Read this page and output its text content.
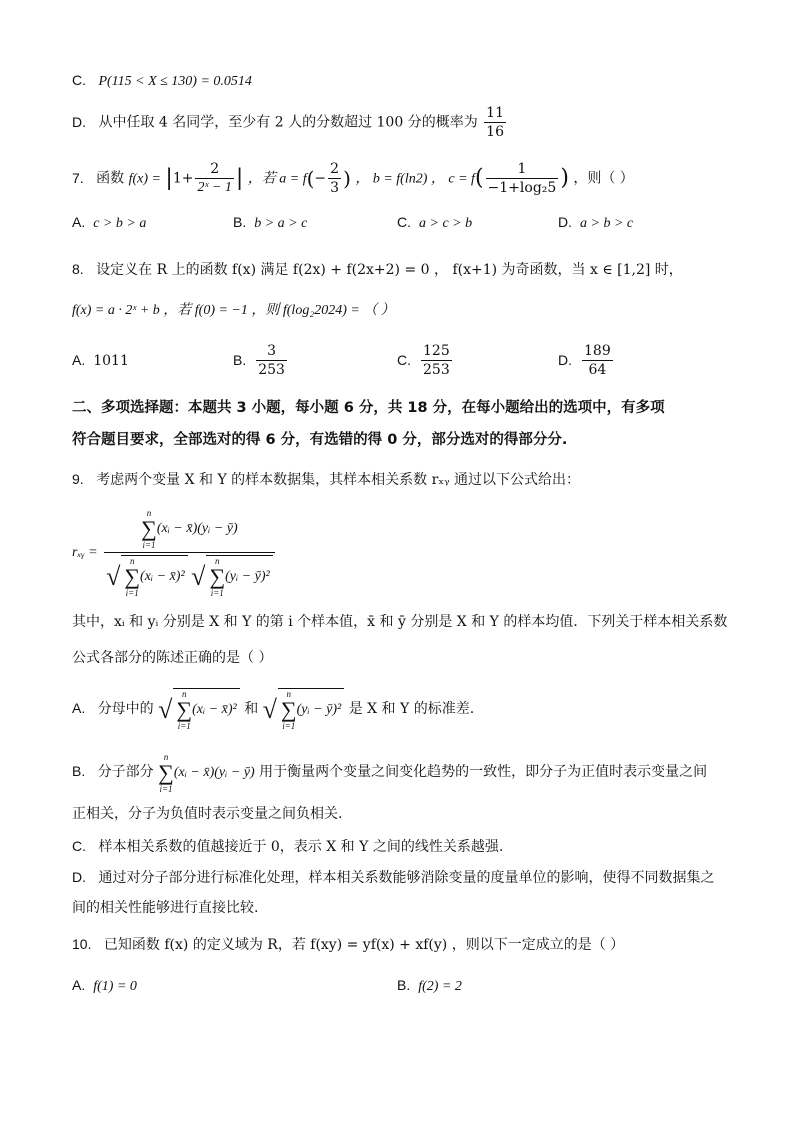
C. P(115 < X ≤ 130) = 0.0514
D. 从中任取 4 名同学，至少有 2 人的分数超过 100 分的概率为 $\frac{11}{16}$
7. 函数 $f(x) = |1+ \frac{2}{\text{2ˣ − 1}}$ | ，若 $a = f(- \frac{2}{3}$ ) ， b = f(ln2) ， $c = f( \frac{1}{\text{−1+log₂5}}$ ) ，则（ ）
A. c > b > a	B. b > a > c	C. a > c > b	D. a > b > c
8. 设定义在 R 上的函数 f(x) 满足 f(2x) + f(2x+2) = 0 ， f(x+1) 为奇函数，当 x ∈ [1,2] 时，
f(x) = a · 2ˣ + b ，若 f(0) = −1 ，则 f(log₂2024) = （ ）
A. 1011	B. $\frac{3}{253}$	C. $\frac{125}{253}$	D. $\frac{189}{64}$
二、多项选择题：本题共 3 小题，每小题 6 分，共 18 分，在每小题给出的选项中，有多项
符合题目要求，全部选对的得 6 分，有选错的得 0 分，部分选对的得部分分.
9. 考虑两个变量 X 和 Y 的样本数据集，其样本相关系数 rₓᵧ 通过以下公式给出：
rₓᵧ = n
∑
i=1(xᵢ − x̄)(yᵢ − ȳ)
√n
∑
i=1(xᵢ − x̄)² √n
∑
i=1(yᵢ − ȳ)²
其中，xᵢ 和 yᵢ 分别是 X 和 Y 的第 i 个样本值，x̄ 和 ȳ 分别是 X 和 Y 的样本均值．下列关于样本相关系数
公式各部分的陈述正确的是（ ）
A. 分母中的 √n
∑
i=1(xᵢ − x̄)² 和 √n
∑
i=1(yᵢ − ȳ)² 是 X 和 Y 的标准差.
B. 分子部分 n
∑
i=1(xᵢ − x̄)(yᵢ − ȳ) 用于衡量两个变量之间变化趋势的一致性，即分子为正值时表示变量之间
正相关，分子为负值时表示变量之间负相关.
C. 样本相关系数的值越接近于 0，表示 X 和 Y 之间的线性关系越强.
D. 通过对分子部分进行标准化处理，样本相关系数能够消除变量的度量单位的影响，使得不同数据集之
间的相关性能够进行直接比较.
10. 已知函数 f(x) 的定义域为 R，若 f(xy) = yf(x) + xf(y) ，则以下一定成立的是（ ）
A. f(1) = 0	B. f(2) = 2
